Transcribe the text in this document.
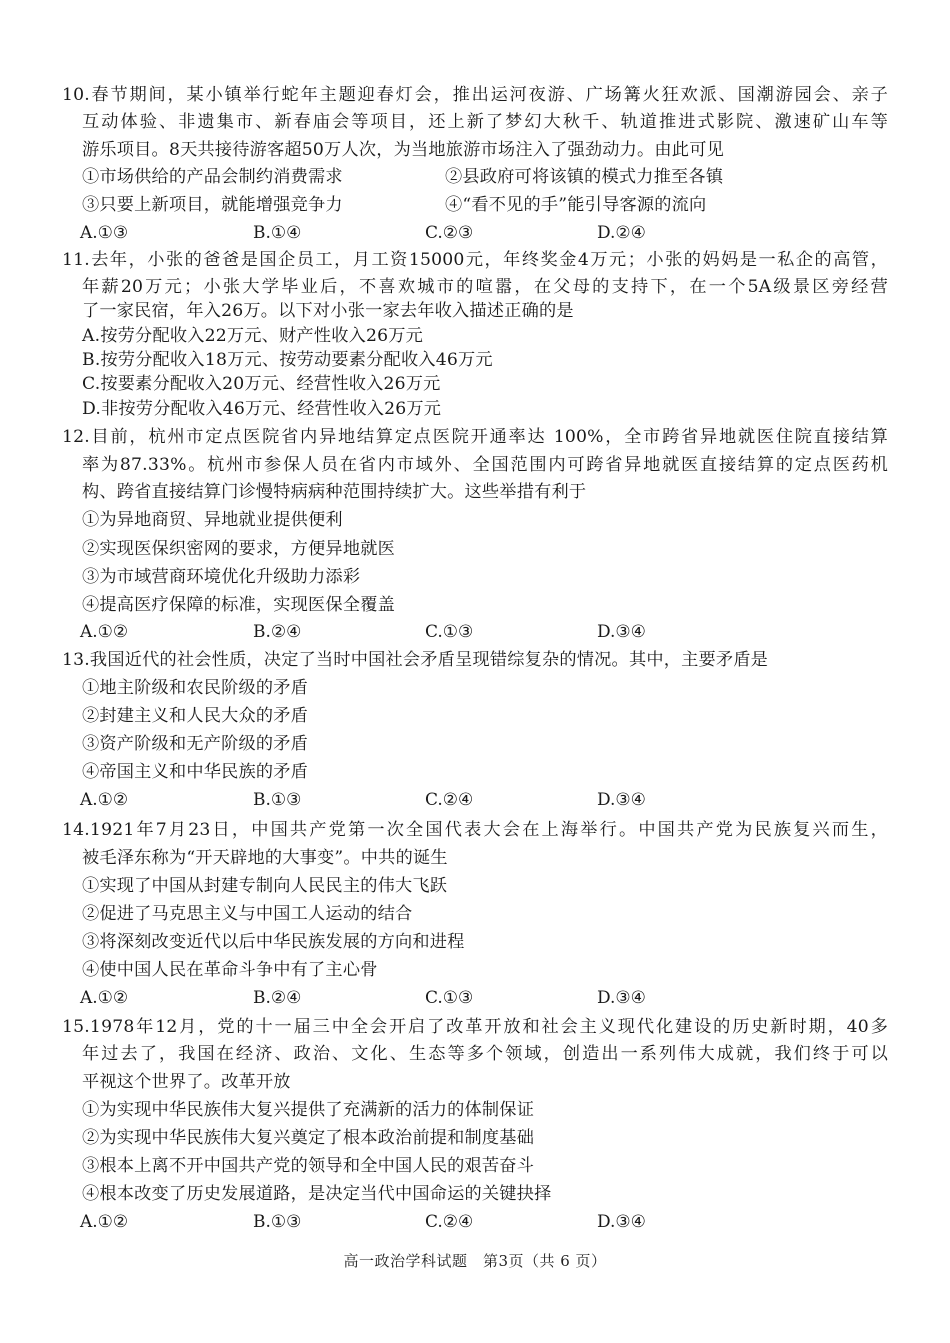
10.春节期间，某小镇举行蛇年主题迎春灯会，推出运河夜游、广场篝火狂欢派、国潮游园会、亲子
互动体验、非遗集市、新春庙会等项目，还上新了梦幻大秋千、轨道推进式影院、激速矿山车等
游乐项目。8天共接待游客超50万人次，为当地旅游市场注入了强劲动力。由此可见
①市场供给的产品会制约消费需求	②县政府可将该镇的模式力推至各镇
③只要上新项目，就能增强竞争力	④“看不见的手”能引导客源的流向
A.①③	B.①④	C.②③	D.②④
11.去年，小张的爸爸是国企员工，月工资15000元，年终奖金4万元；小张的妈妈是一私企的高管，
年薪20万元；小张大学毕业后，不喜欢城市的喧嚣，在父母的支持下，在一个5A级景区旁经营
了一家民宿，年入26万。以下对小张一家去年收入描述正确的是
A.按劳分配收入22万元、财产性收入26万元
B.按劳分配收入18万元、按劳动要素分配收入46万元
C.按要素分配收入20万元、经营性收入26万元
D.非按劳分配收入46万元、经营性收入26万元
12.目前，杭州市定点医院省内异地结算定点医院开通率达 100%，全市跨省异地就医住院直接结算
率为87.33%。杭州市参保人员在省内市域外、全国范围内可跨省异地就医直接结算的定点医药机
构、跨省直接结算门诊慢特病病种范围持续扩大。这些举措有利于
①为异地商贸、异地就业提供便利
②实现医保织密网的要求，方便异地就医
③为市域营商环境优化升级助力添彩
④提高医疗保障的标准，实现医保全覆盖
A.①②	B.②④	C.①③	D.③④
13.我国近代的社会性质，决定了当时中国社会矛盾呈现错综复杂的情况。其中，主要矛盾是
①地主阶级和农民阶级的矛盾
②封建主义和人民大众的矛盾
③资产阶级和无产阶级的矛盾
④帝国主义和中华民族的矛盾
A.①②	B.①③	C.②④	D.③④
14.1921年7月23日，中国共产党第一次全国代表大会在上海举行。中国共产党为民族复兴而生，
被毛泽东称为“开天辟地的大事变”。中共的诞生
①实现了中国从封建专制向人民民主的伟大飞跃
②促进了马克思主义与中国工人运动的结合
③将深刻改变近代以后中华民族发展的方向和进程
④使中国人民在革命斗争中有了主心骨
A.①②	B.②④	C.①③	D.③④
15.1978年12月，党的十一届三中全会开启了改革开放和社会主义现代化建设的历史新时期，40多
年过去了，我国在经济、政治、文化、生态等多个领域，创造出一系列伟大成就，我们终于可以
平视这个世界了。改革开放
①为实现中华民族伟大复兴提供了充满新的活力的体制保证
②为实现中华民族伟大复兴奠定了根本政治前提和制度基础
③根本上离不开中国共产党的领导和全中国人民的艰苦奋斗
④根本改变了历史发展道路，是决定当代中国命运的关键抉择
A.①②	B.①③	C.②④	D.③④
高一政治学科试题　第3页（共 6 页）
